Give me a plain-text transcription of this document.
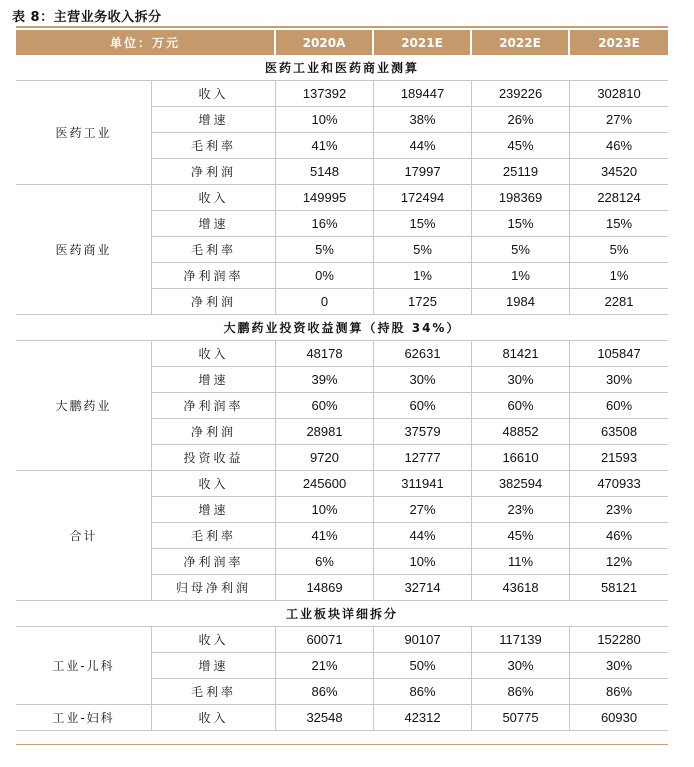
表 8：主营业务收入拆分
单位：万元		2020A	2021E	2022E	2023E
医药工业和医药商业测算					
医药工业	收入	137392	189447	239226	302810
	增速	10%	38%	26%	27%
	毛利率	41%	44%	45%	46%
	净利润	5148	17997	25119	34520
医药商业	收入	149995	172494	198369	228124
	增速	16%	15%	15%	15%
	毛利率	5%	5%	5%	5%
	净利润率	0%	1%	1%	1%
	净利润	0	1725	1984	2281
大鹏药业投资收益测算（持股 34%）					
大鹏药业	收入	48178	62631	81421	105847
	增速	39%	30%	30%	30%
	净利润率	60%	60%	60%	60%
	净利润	28981	37579	48852	63508
	投资收益	9720	12777	16610	21593
合计	收入	245600	311941	382594	470933
	增速	10%	27%	23%	23%
	毛利率	41%	44%	45%	46%
	净利润率	6%	10%	11%	12%
	归母净利润	14869	32714	43618	58121
工业板块详细拆分					
工业-儿科	收入	60071	90107	117139	152280
	增速	21%	50%	30%	30%
	毛利率	86%	86%	86%	86%
工业-妇科	收入	32548	42312	50775	60930
